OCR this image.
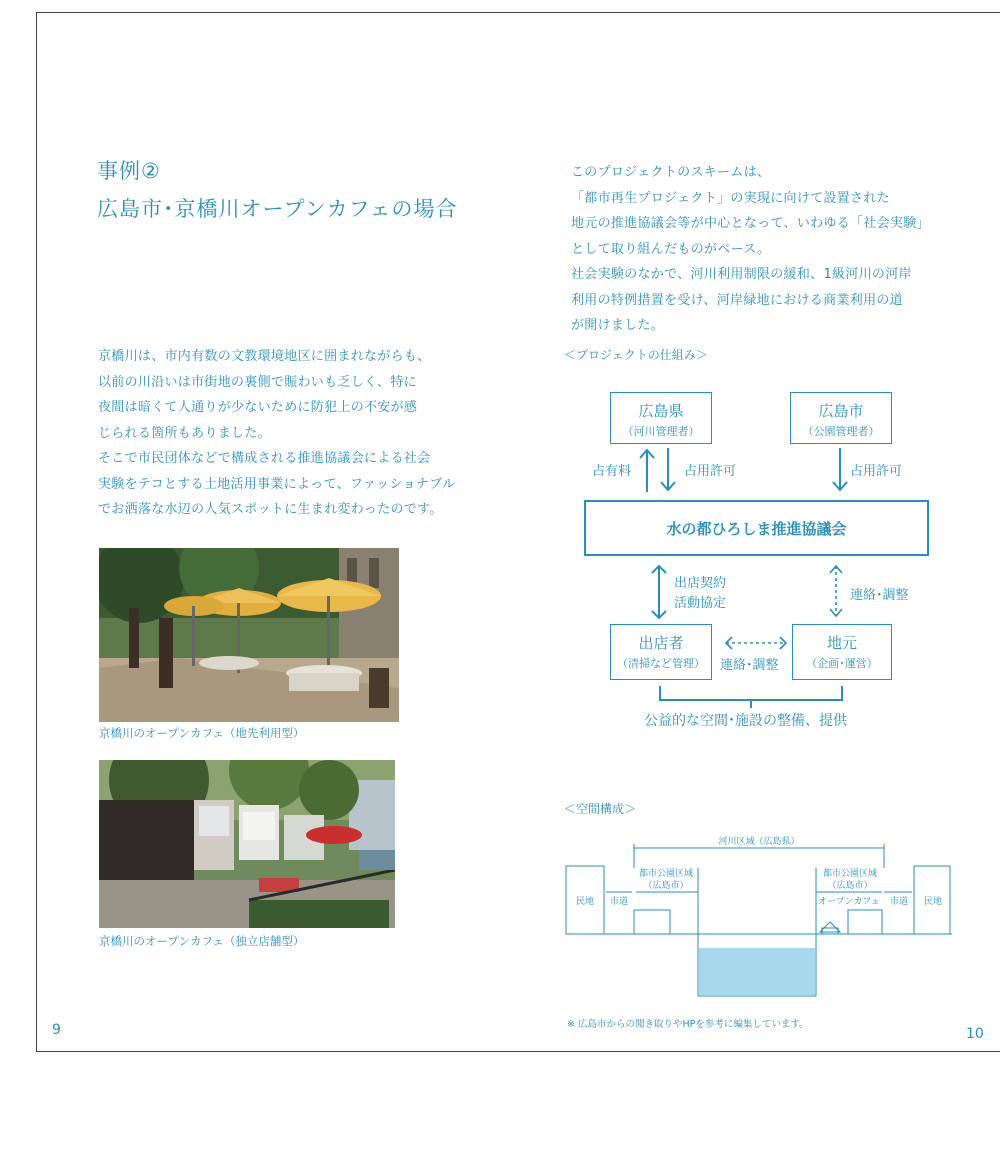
事例②
広島市･京橋川オープンカフェの場合
京橋川は、市内有数の文教環境地区に囲まれながらも、
以前の川沿いは市街地の裏側で賑わいも乏しく、特に
夜間は暗くて人通りが少ないために防犯上の不安が感
じられる箇所もありました。
そこで市民団体などで構成される推進協議会による社会
実験をテコとする土地活用事業によって、ファッショナブル
でお洒落な水辺の人気スポットに生まれ変わったのです。
京橋川のオープンカフェ（地先利用型）
京橋川のオープンカフェ（独立店舗型）
9
このプロジェクトのスキームは、
「都市再生プロジェクト」の実現に向けて設置された
地元の推進協議会等が中心となって、いわゆる「社会実験」
として取り組んだものがベース。
社会実験のなかで、河川利用制限の緩和、1級河川の河岸
利用の特例措置を受け、河岸緑地における商業利用の道
が開けました。
＜プロジェクトの仕組み＞
広島県
（河川管理者）
広島市
（公園管理者）
占有料	占用許可	占用許可
水の都ひろしま推進協議会
出店契約
活動協定
連絡･調整
出店者
（清掃など管理）	連絡･調整
地元
（企画･運営）
公益的な空間･施設の整備、提供
＜空間構成＞
河川区域（広島県）
都市公園区域
（広島市）
都市公園区域
（広島市）
民地	市道	オープンカフェ	市道	民地
※ 広島市からの聞き取りやHPを参考に編集しています。
10
